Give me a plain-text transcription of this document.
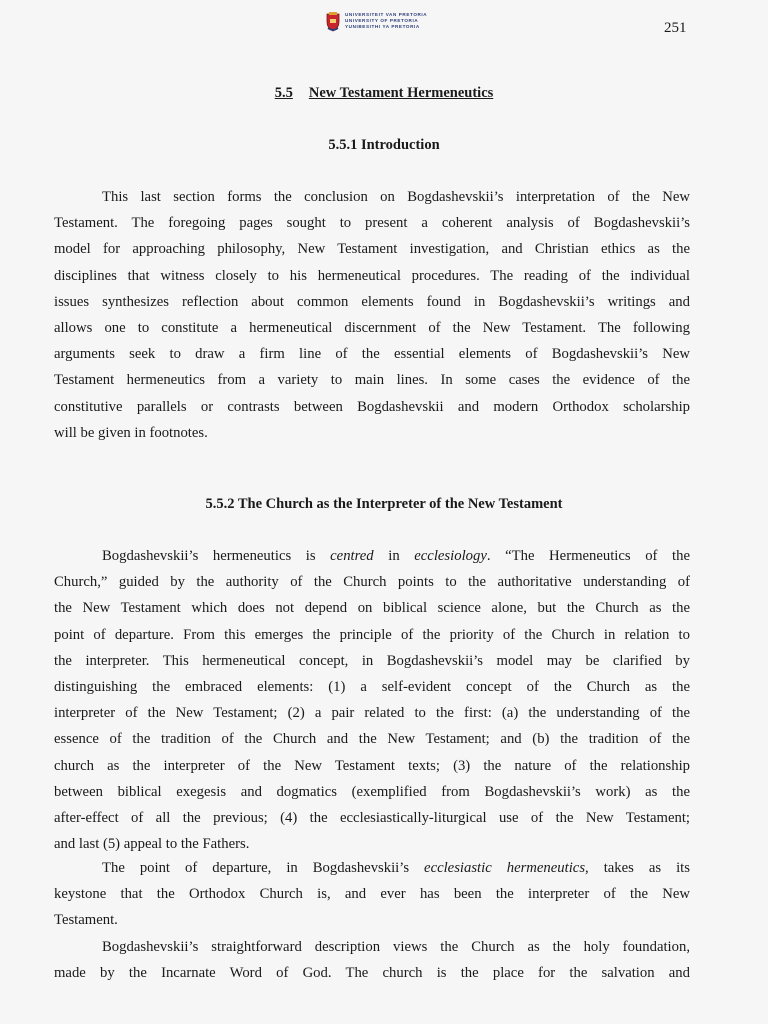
UNIVERSITEIT VAN PRETORIA
UNIVERSITY OF PRETORIA
YUNIBESITHI YA PRETORIA	251
5.5 New Testament Hermeneutics
5.5.1 Introduction
This last section forms the conclusion on Bogdashevskii’s interpretation of the New
Testament. The foregoing pages sought to present a coherent analysis of Bogdashevskii’s
model for approaching philosophy, New Testament investigation, and Christian ethics as the
disciplines that witness closely to his hermeneutical procedures. The reading of the individual
issues synthesizes reflection about common elements found in Bogdashevskii’s writings and
allows one to constitute a hermeneutical discernment of the New Testament. The following
arguments seek to draw a firm line of the essential elements of Bogdashevskii’s New
Testament hermeneutics from a variety to main lines. In some cases the evidence of the
constitutive parallels or contrasts between Bogdashevskii and modern Orthodox scholarship
will be given in footnotes.
5.5.2 The Church as the Interpreter of the New Testament
Bogdashevskii’s hermeneutics is centred in ecclesiology. “The Hermeneutics of the
Church,” guided by the authority of the Church points to the authoritative understanding of
the New Testament which does not depend on biblical science alone, but the Church as the
point of departure. From this emerges the principle of the priority of the Church in relation to
the interpreter. This hermeneutical concept, in Bogdashevskii’s model may be clarified by
distinguishing the embraced elements: (1) a self-evident concept of the Church as the
interpreter of the New Testament; (2) a pair related to the first: (a) the understanding of the
essence of the tradition of the Church and the New Testament; and (b) the tradition of the
church as the interpreter of the New Testament texts; (3) the nature of the relationship
between biblical exegesis and dogmatics (exemplified from Bogdashevskii’s work) as the
after-effect of all the previous; (4) the ecclesiastically-liturgical use of the New Testament;
and last (5) appeal to the Fathers.
The point of departure, in Bogdashevskii’s ecclesiastic hermeneutics, takes as its
keystone that the Orthodox Church is, and ever has been the interpreter of the New
Testament.
Bogdashevskii’s straightforward description views the Church as the holy foundation,
made by the Incarnate Word of God. The church is the place for the salvation and
